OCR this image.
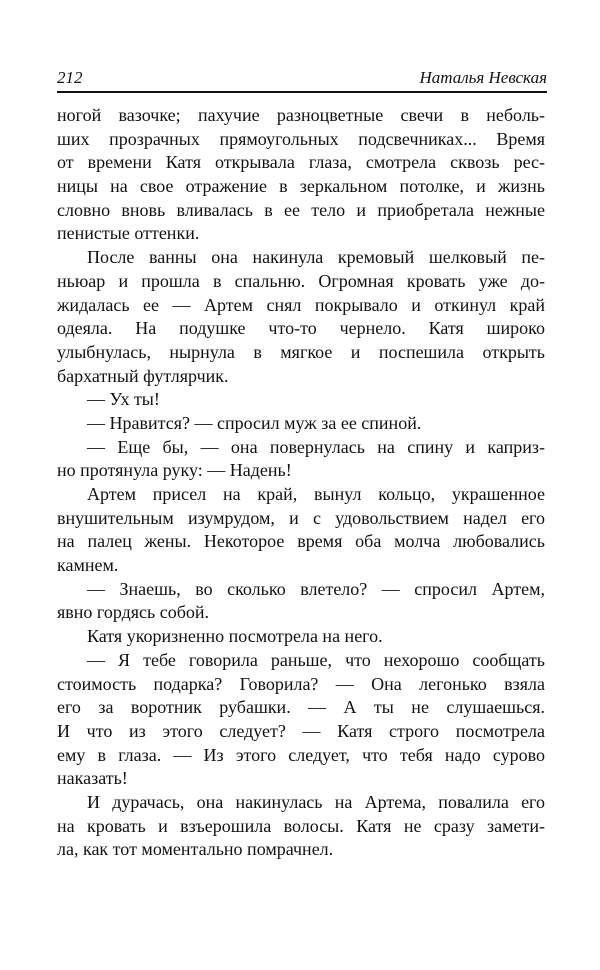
212	Наталья Невская
ногой вазочке; пахучие разноцветные свечи в неболь-
ших прозрачных прямоугольных подсвечниках... Время
от времени Катя открывала глаза, смотрела сквозь рес-
ницы на свое отражение в зеркальном потолке, и жизнь
словно вновь вливалась в ее тело и приобретала нежные
пенистые оттенки.
После ванны она накинула кремовый шелковый пе-
ньюар и прошла в спальню. Огромная кровать уже до-
жидалась ее — Артем снял покрывало и откинул край
одеяла. На подушке что-то чернело. Катя широко
улыбнулась, нырнула в мягкое и поспешила открыть
бархатный футлярчик.
— Ух ты!
— Нравится? — спросил муж за ее спиной.
— Еще бы, — она повернулась на спину и каприз-
но протянула руку: — Надень!
Артем присел на край, вынул кольцо, украшенное
внушительным изумрудом, и с удовольствием надел его
на палец жены. Некоторое время оба молча любовались
камнем.
— Знаешь, во сколько влетело? — спросил Артем,
явно гордясь собой.
Катя укоризненно посмотрела на него.
— Я тебе говорила раньше, что нехорошо сообщать
стоимость подарка? Говорила? — Она легонько взяла
его за воротник рубашки. — А ты не слушаешься.
И что из этого следует? — Катя строго посмотрела
ему в глаза. — Из этого следует, что тебя надо сурово
наказать!
И дурачась, она накинулась на Артема, повалила его
на кровать и взъерошила волосы. Катя не сразу замети-
ла, как тот моментально помрачнел.
